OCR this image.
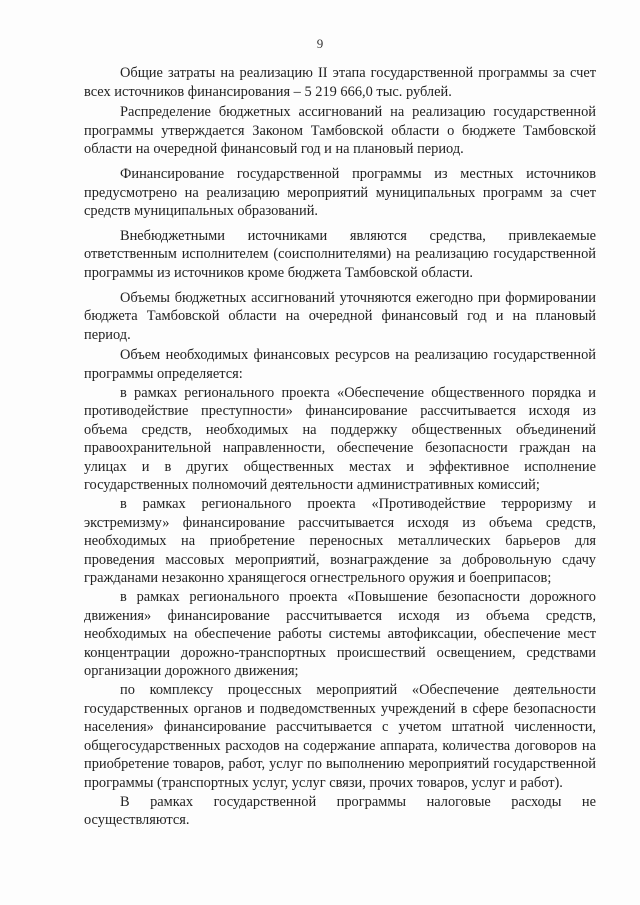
9

Общие затраты на реализацию II этапа государственной программы за счет всех источников финансирования – 5 219 666,0 тыс. рублей.

Распределение бюджетных ассигнований на реализацию государственной программы утверждается Законом Тамбовской области о бюджете Тамбовской области на очередной финансовый год и на плановый период.

Финансирование государственной программы из местных источников предусмотрено на реализацию мероприятий муниципальных программ за счет средств муниципальных образований.

Внебюджетными источниками являются средства, привлекаемые ответственным исполнителем (соисполнителями) на реализацию государственной программы из источников кроме бюджета Тамбовской области.

Объемы бюджетных ассигнований уточняются ежегодно при формировании бюджета Тамбовской области на очередной финансовый год и на плановый период.

Объем необходимых финансовых ресурсов на реализацию государственной программы определяется:

в рамках регионального проекта «Обеспечение общественного порядка и противодействие преступности» финансирование рассчитывается исходя из объема средств, необходимых на поддержку общественных объединений правоохранительной направленности, обеспечение безопасности граждан на улицах и в других общественных местах и эффективное исполнение государственных полномочий деятельности административных комиссий;

в рамках регионального проекта «Противодействие терроризму и экстремизму» финансирование рассчитывается исходя из объема средств, необходимых на приобретение переносных металлических барьеров для проведения массовых мероприятий, вознаграждение за добровольную сдачу гражданами незаконно хранящегося огнестрельного оружия и боеприпасов;

в рамках регионального проекта «Повышение безопасности дорожного движения» финансирование рассчитывается исходя из объема средств, необходимых на обеспечение работы системы автофиксации, обеспечение мест концентрации дорожно-транспортных происшествий освещением, средствами организации дорожного движения;

по комплексу процессных мероприятий «Обеспечение деятельности государственных органов и подведомственных учреждений в сфере безопасности населения» финансирование рассчитывается с учетом штатной численности, общегосударственных расходов на содержание аппарата, количества договоров на приобретение товаров, работ, услуг по выполнению мероприятий государственной программы (транспортных услуг, услуг связи, прочих товаров, услуг и работ).

В рамках государственной программы налоговые расходы не осуществляются.
